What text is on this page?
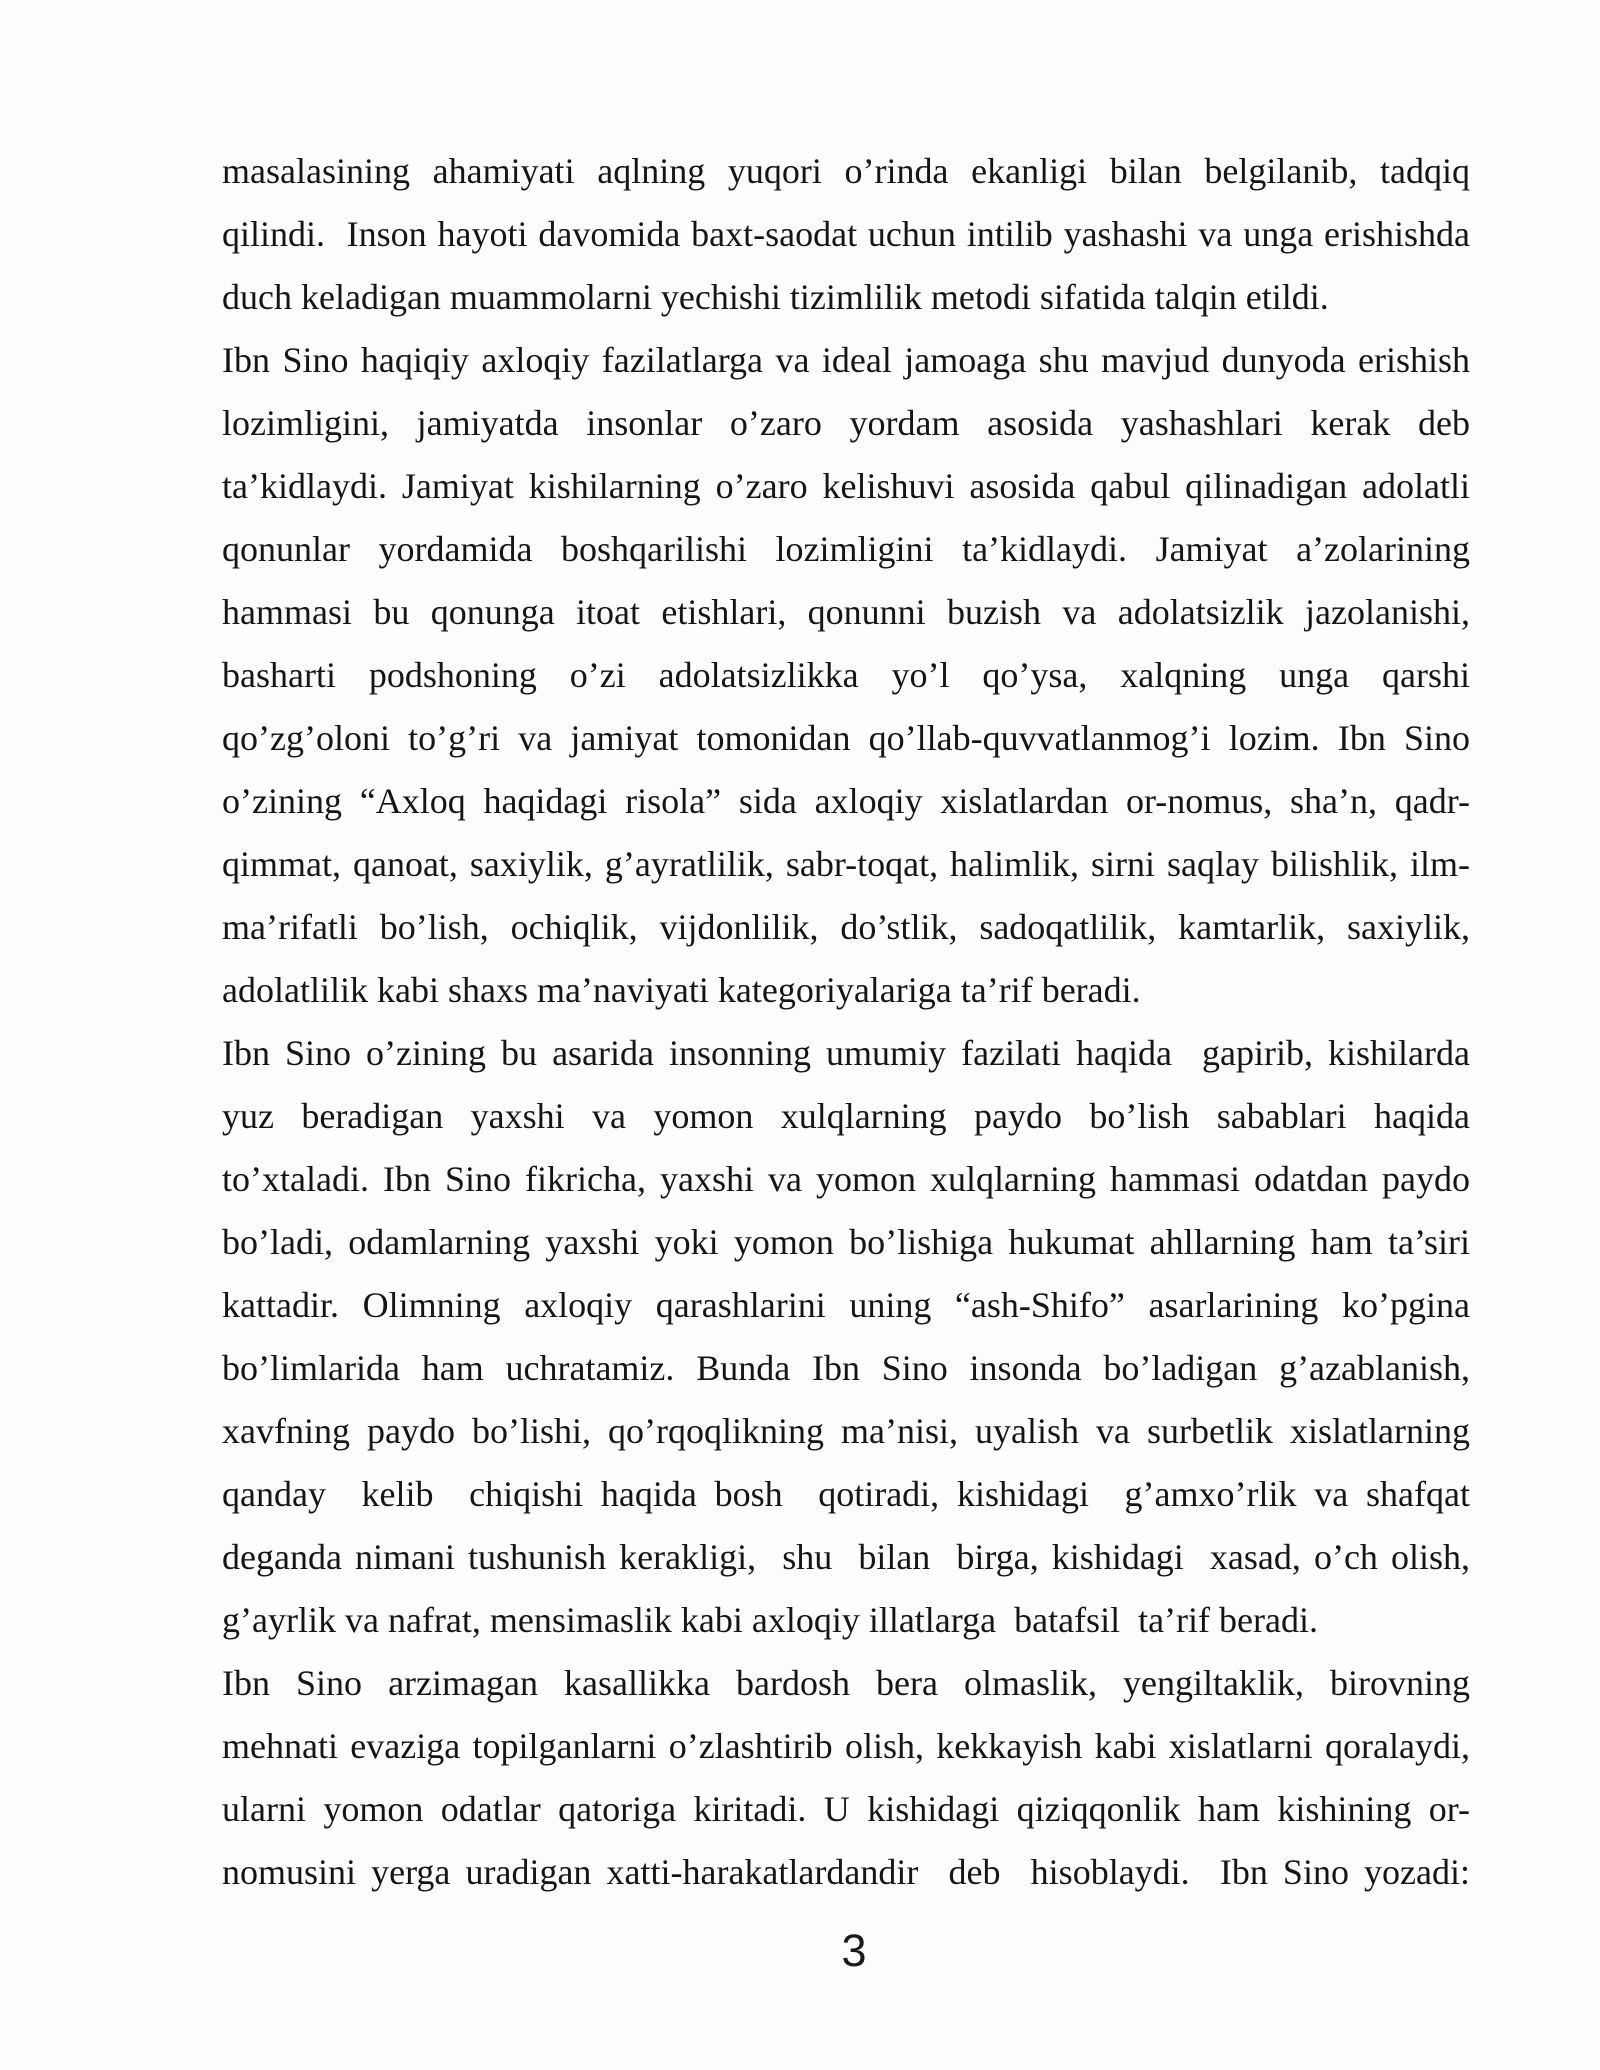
masalasining ahamiyati aqlning yuqori o’rinda ekanligi bilan belgilanib, tadqiq
qilindi.  Inson hayoti davomida baxt-saodat uchun intilib yashashi va unga erishishda
duch keladigan muammolarni yechishi tizimlilik metodi sifatida talqin etildi.
Ibn Sino haqiqiy axloqiy fazilatlarga va ideal jamoaga shu mavjud dunyoda erishish
lozimligini, jamiyatda insonlar o’zaro yordam asosida yashashlari kerak deb
ta’kidlaydi. Jamiyat kishilarning o’zaro kelishuvi asosida qabul qilinadigan adolatli
qonunlar yordamida boshqarilishi lozimligini ta’kidlaydi. Jamiyat a’zolarining
hammasi bu qonunga itoat etishlari, qonunni buzish va adolatsizlik jazolanishi,
basharti podshoning o’zi adolatsizlikka yo’l qo’ysa, xalqning unga qarshi
qo’zg’oloni to’g’ri va jamiyat tomonidan qo’llab-quvvatlanmog’i lozim. Ibn Sino
o’zining “Axloq haqidagi risola” sida axloqiy xislatlardan or-nomus, sha’n, qadr-
qimmat, qanoat, saxiylik, g’ayratlilik, sabr-toqat, halimlik, sirni saqlay bilishlik, ilm-
ma’rifatli bo’lish, ochiqlik, vijdonlilik, do’stlik, sadoqatlilik, kamtarlik, saxiylik,
adolatlilik kabi shaxs ma’naviyati kategoriyalariga ta’rif beradi.
Ibn Sino o’zining bu asarida insonning umumiy fazilati haqida  gapirib, kishilarda
yuz beradigan yaxshi va yomon xulqlarning paydo bo’lish sabablari haqida
to’xtaladi. Ibn Sino fikricha, yaxshi va yomon xulqlarning hammasi odatdan paydo
bo’ladi, odamlarning yaxshi yoki yomon bo’lishiga hukumat ahllarning ham ta’siri
kattadir. Olimning axloqiy qarashlarini uning “ash-Shifo” asarlarining ko’pgina
bo’limlarida ham uchratamiz. Bunda Ibn Sino insonda bo’ladigan g’azablanish,
xavfning paydo bo’lishi, qo’rqoqlikning ma’nisi, uyalish va surbetlik xislatlarning
qanday  kelib  chiqishi haqida bosh  qotiradi, kishidagi  g’amxo’rlik va shafqat
deganda nimani tushunish kerakligi,  shu  bilan  birga, kishidagi  xasad, o’ch olish,
g’ayrlik va nafrat, mensimaslik kabi axloqiy illatlarga  batafsil  ta’rif beradi.
Ibn Sino arzimagan kasallikka bardosh bera olmaslik, yengiltaklik, birovning
mehnati evaziga topilganlarni o’zlashtirib olish, kekkayish kabi xislatlarni qoralaydi,
ularni yomon odatlar qatoriga kiritadi. U kishidagi qiziqqonlik ham kishining or-
nomusini yerga uradigan xatti-harakatlardandir  deb  hisoblaydi.  Ibn Sino yozadi:
3
